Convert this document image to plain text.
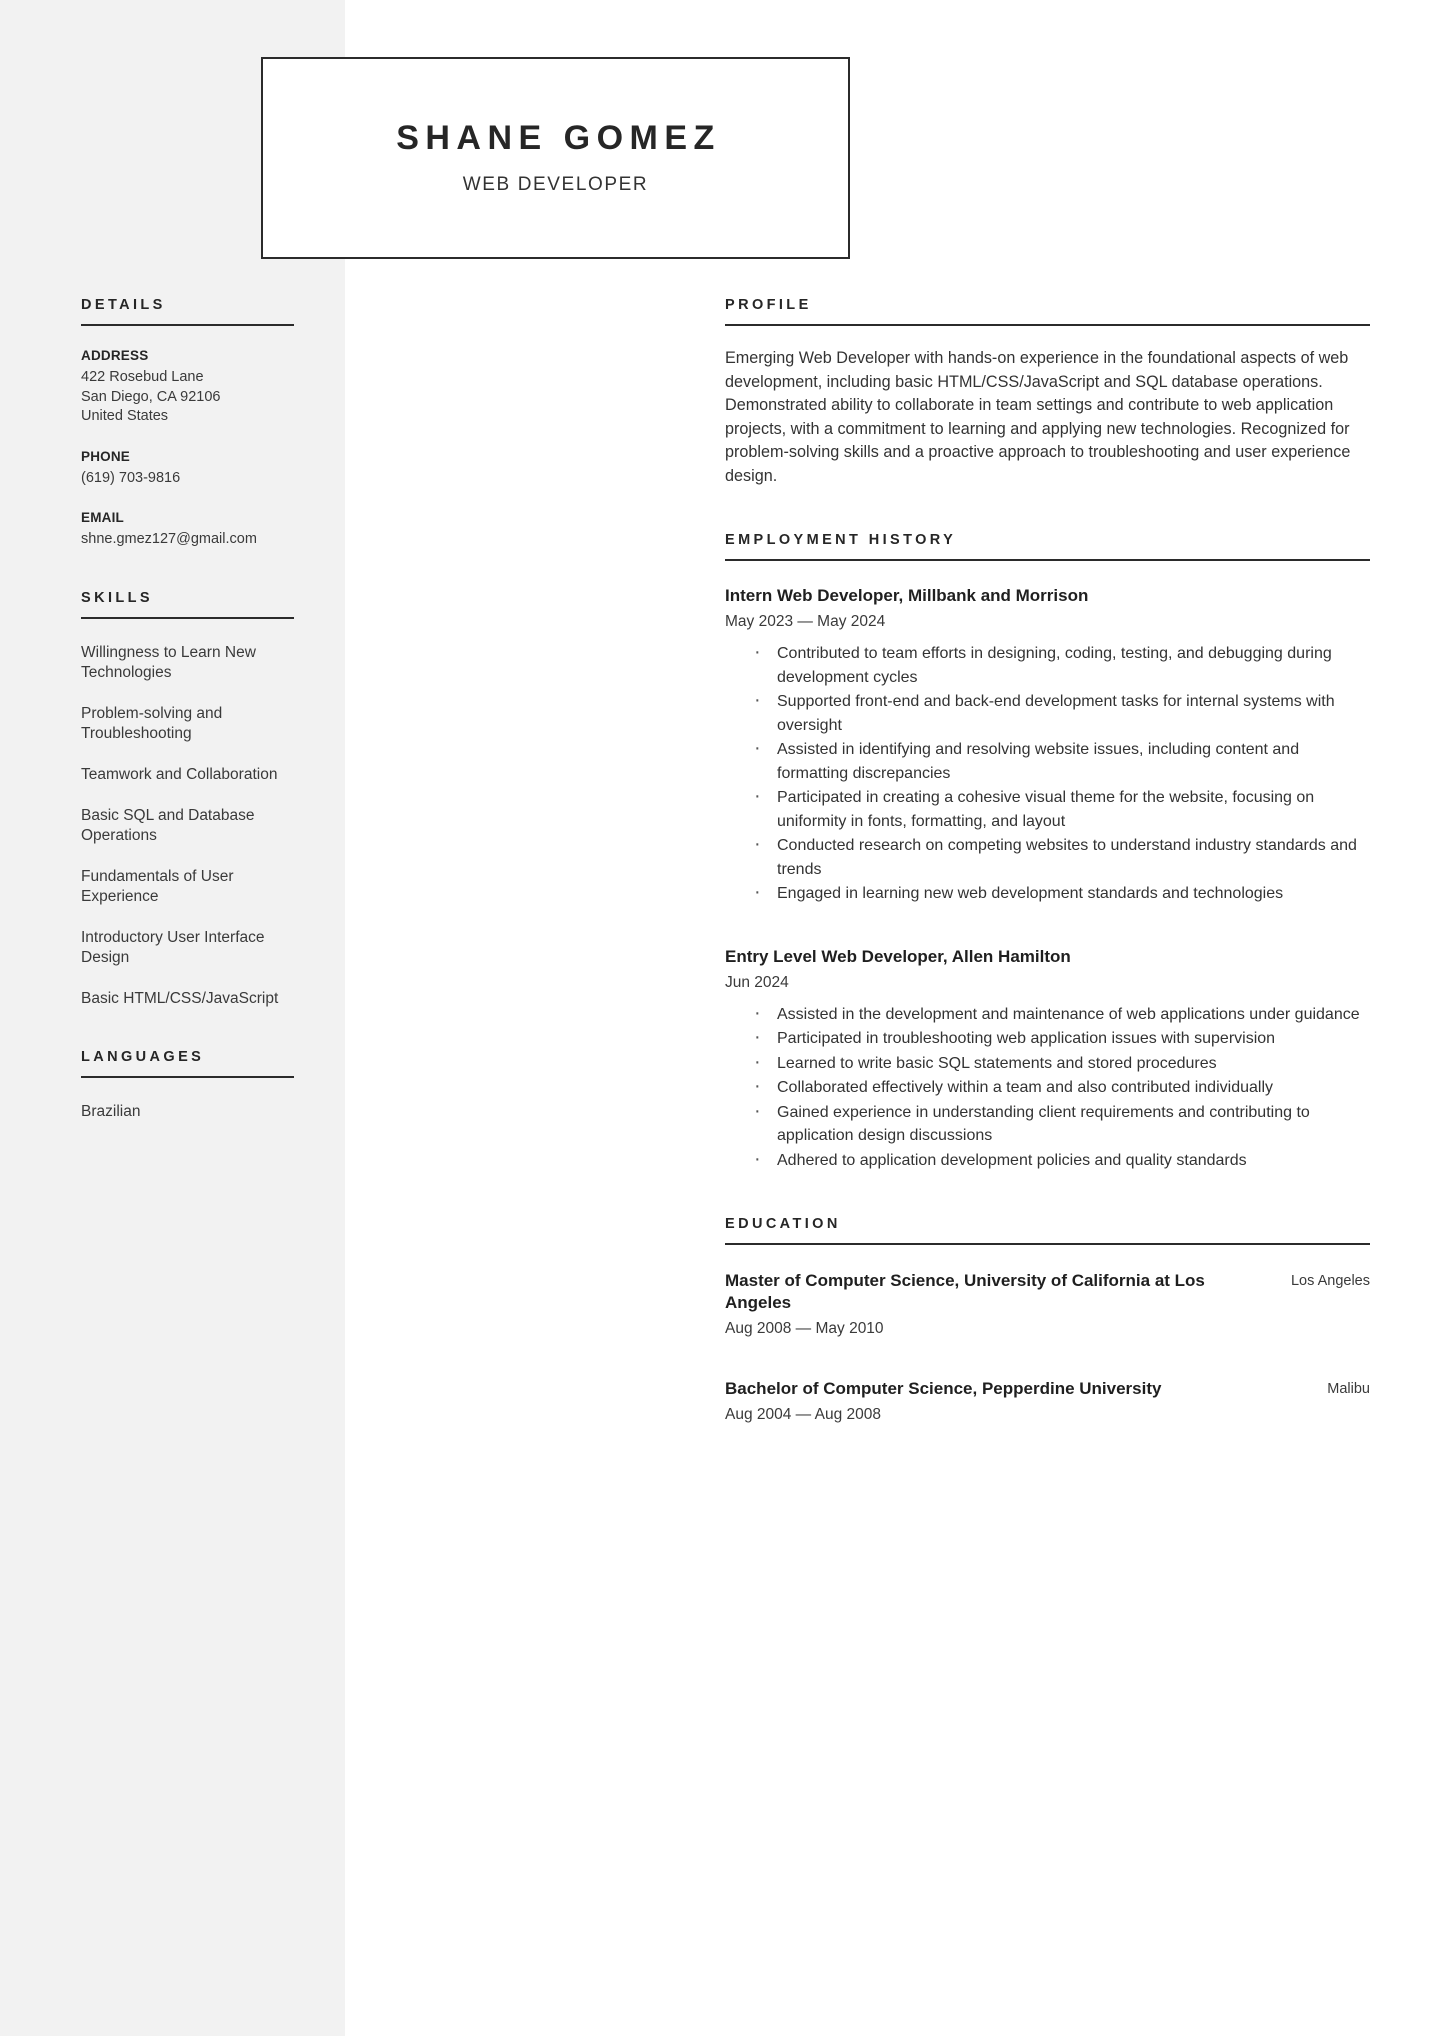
SHANE GOMEZ
WEB DEVELOPER
DETAILS
ADDRESS
422 Rosebud Lane
San Diego, CA 92106
United States
PHONE
(619) 703-9816
EMAIL
shne.gmez127@gmail.com
SKILLS
Willingness to Learn New Technologies
Problem-solving and Troubleshooting
Teamwork and Collaboration
Basic SQL and Database Operations
Fundamentals of User Experience
Introductory User Interface Design
Basic HTML/CSS/JavaScript
LANGUAGES
Brazilian
PROFILE

Emerging Web Developer with hands-on experience in the foundational aspects of web development, including basic HTML/CSS/JavaScript and SQL database operations. Demonstrated ability to collaborate in team settings and contribute to web application projects, with a commitment to learning and applying new technologies. Recognized for problem-solving skills and a proactive approach to troubleshooting and user experience design.

EMPLOYMENT HISTORY
Intern Web Developer, Millbank and Morrison
May 2023 — May 2024
· Contributed to team efforts in designing, coding, testing, and debugging during development cycles
· Supported front-end and back-end development tasks for internal systems with oversight
· Assisted in identifying and resolving website issues, including content and formatting discrepancies
· Participated in creating a cohesive visual theme for the website, focusing on uniformity in fonts, formatting, and layout
· Conducted research on competing websites to understand industry standards and trends
· Engaged in learning new web development standards and technologies
Entry Level Web Developer, Allen Hamilton
Jun 2024
· Assisted in the development and maintenance of web applications under guidance
· Participated in troubleshooting web application issues with supervision
· Learned to write basic SQL statements and stored procedures
· Collaborated effectively within a team and also contributed individually
· Gained experience in understanding client requirements and contributing to application design discussions
· Adhered to application development policies and quality standards
EDUCATION
Master of Computer Science, University of California at Los Angeles
Los Angeles
Aug 2008 — May 2010
Bachelor of Computer Science, Pepperdine University	Malibu
Aug 2004 — Aug 2008
